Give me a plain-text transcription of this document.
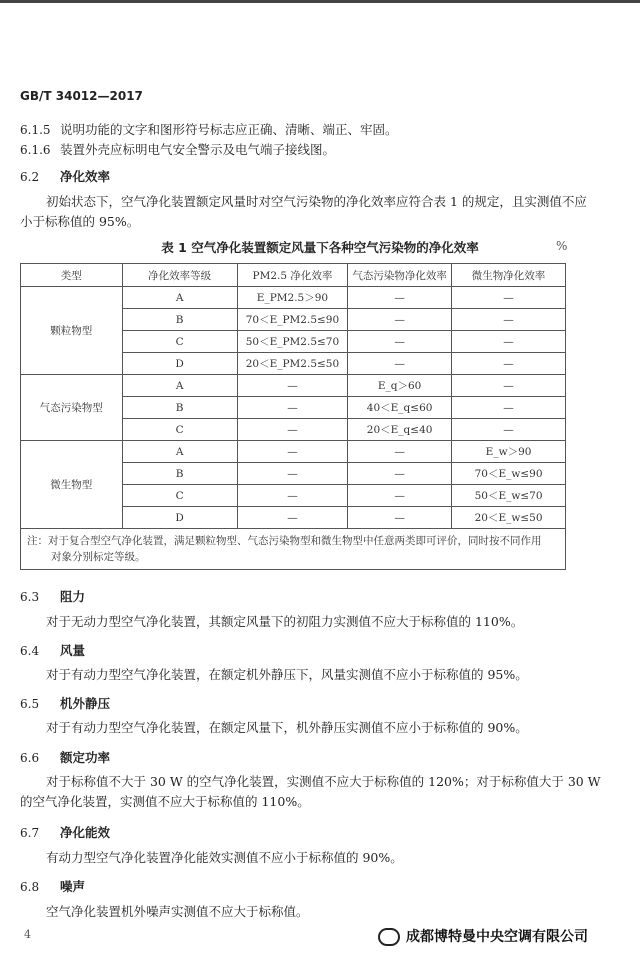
GB/T 34012—2017
6.1.5 说明功能的文字和图形符号标志应正确、清晰、端正、牢固。
6.1.6 装置外壳应标明电气安全警示及电气端子接线图。
6.2 净化效率
初始状态下，空气净化装置额定风量时对空气污染物的净化效率应符合表 1 的规定，且实测值不应
小于标称值的 95%。
表 1 空气净化装置额定风量下各种空气污染物的净化效率	%
类型	净化效率等级	PM2.5 净化效率	气态污染物净化效率	微生物净化效率
颗粒物型	A	E_PM2.5＞90	—	—
	B	70＜E_PM2.5≤90	—	—
	C	50＜E_PM2.5≤70	—	—
	D	20＜E_PM2.5≤50	—	—
气态污染物型	A	—	E_q＞60	—
	B	—	40＜E_q≤60	—
	C	—	20＜E_q≤40	—
微生物型	A	—	—	E_w＞90
	B	—	—	70＜E_w≤90
	C	—	—	50＜E_w≤70
	D	—	—	20＜E_w≤50
注：对于复合型空气净化装置，满足颗粒物型、气态污染物型和微生物型中任意两类即可评价，同时按不同作用
对象分别标定等级。				
6.3 阻力
对于无动力型空气净化装置，其额定风量下的初阻力实测值不应大于标称值的 110%。
6.4 风量
对于有动力型空气净化装置，在额定机外静压下，风量实测值不应小于标称值的 95%。
6.5 机外静压
对于有动力型空气净化装置，在额定风量下，机外静压实测值不应小于标称值的 90%。
6.6 额定功率
对于标称值不大于 30 W 的空气净化装置，实测值不应大于标称值的 120%；对于标称值大于 30 W
的空气净化装置，实测值不应大于标称值的 110%。
6.7 净化能效
有动力型空气净化装置净化能效实测值不应小于标称值的 90%。
6.8 噪声
空气净化装置机外噪声实测值不应大于标称值。
4	成都博特曼中央空调有限公司
